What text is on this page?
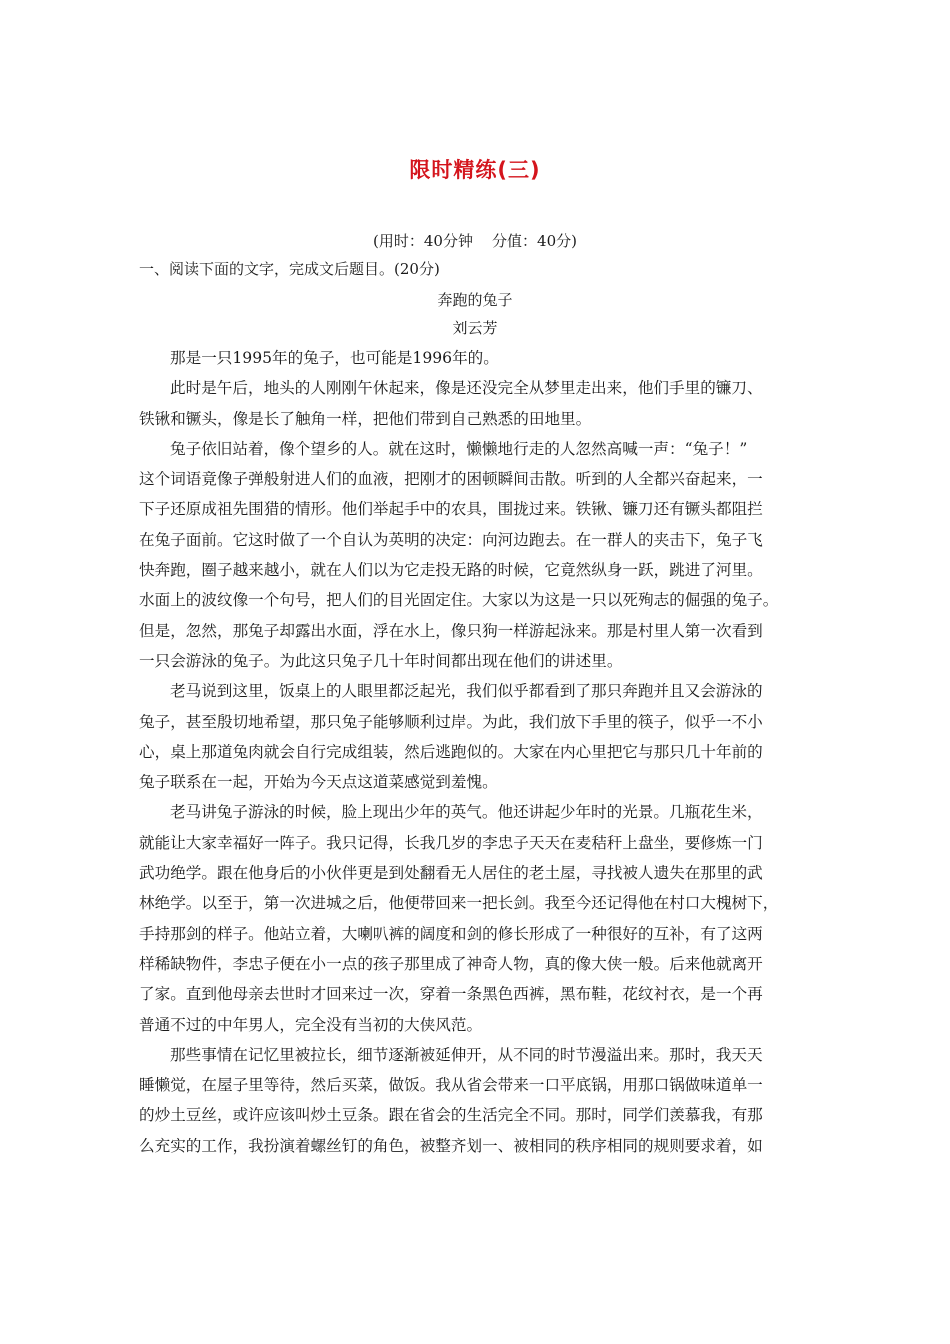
限时精练(三)
(用时：40分钟 分值：40分)
一、阅读下面的文字，完成文后题目。(20分)
奔跑的兔子
刘云芳

那是一只1995年的兔子，也可能是1996年的。

此时是午后，地头的人刚刚午休起来，像是还没完全从梦里走出来，他们手里的镰刀、
铁锹和镢头，像是长了触角一样，把他们带到自己熟悉的田地里。

兔子依旧站着，像个望乡的人。就在这时，懒懒地行走的人忽然高喊一声：“兔子！”
这个词语竟像子弹般射进人们的血液，把刚才的困顿瞬间击散。听到的人全都兴奋起来，一
下子还原成祖先围猎的情形。他们举起手中的农具，围拢过来。铁锹、镰刀还有镢头都阻拦
在兔子面前。它这时做了一个自认为英明的决定：向河边跑去。在一群人的夹击下，兔子飞
快奔跑，圈子越来越小，就在人们以为它走投无路的时候，它竟然纵身一跃，跳进了河里。
水面上的波纹像一个句号，把人们的目光固定住。大家以为这是一只以死殉志的倔强的兔子。
但是，忽然，那兔子却露出水面，浮在水上，像只狗一样游起泳来。那是村里人第一次看到
一只会游泳的兔子。为此这只兔子几十年时间都出现在他们的讲述里。

老马说到这里，饭桌上的人眼里都泛起光，我们似乎都看到了那只奔跑并且又会游泳的
兔子，甚至殷切地希望，那只兔子能够顺利过岸。为此，我们放下手里的筷子，似乎一不小
心，桌上那道兔肉就会自行完成组装，然后逃跑似的。大家在内心里把它与那只几十年前的
兔子联系在一起，开始为今天点这道菜感觉到羞愧。

老马讲兔子游泳的时候，脸上现出少年的英气。他还讲起少年时的光景。几瓶花生米，
就能让大家幸福好一阵子。我只记得，长我几岁的李忠子天天在麦秸秆上盘坐，要修炼一门
武功绝学。跟在他身后的小伙伴更是到处翻看无人居住的老土屋，寻找被人遗失在那里的武
林绝学。以至于，第一次进城之后，他便带回来一把长剑。我至今还记得他在村口大槐树下，
手持那剑的样子。他站立着，大喇叭裤的阔度和剑的修长形成了一种很好的互补，有了这两
样稀缺物件，李忠子便在小一点的孩子那里成了神奇人物，真的像大侠一般。后来他就离开
了家。直到他母亲去世时才回来过一次，穿着一条黑色西裤，黑布鞋，花纹衬衣，是一个再
普通不过的中年男人，完全没有当初的大侠风范。

那些事情在记忆里被拉长，细节逐渐被延伸开，从不同的时节漫溢出来。那时，我天天
睡懒觉，在屋子里等待，然后买菜，做饭。我从省会带来一口平底锅，用那口锅做味道单一
的炒土豆丝，或许应该叫炒土豆条。跟在省会的生活完全不同。那时，同学们羡慕我，有那
么充实的工作，我扮演着螺丝钉的角色，被整齐划一、被相同的秩序相同的规则要求着，如
